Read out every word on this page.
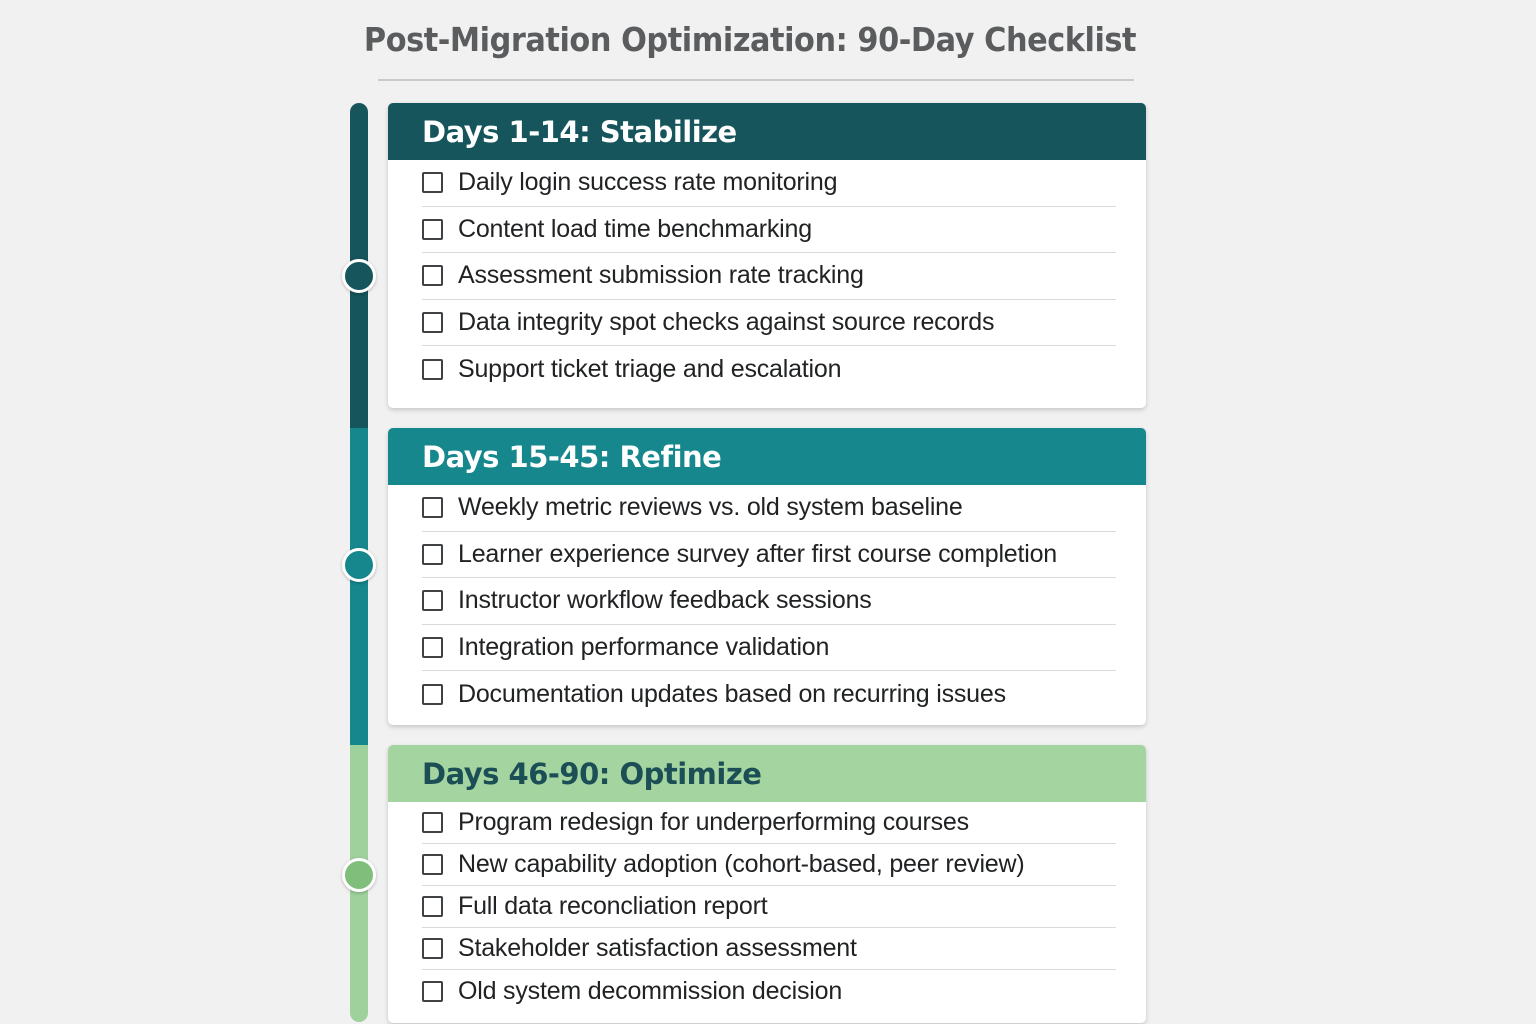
Post-Migration Optimization: 90-Day Checklist
Days 1-14: Stabilize
Daily login success rate monitoring
Content load time benchmarking
Assessment submission rate tracking
Data integrity spot checks against source records
Support ticket triage and escalation
Days 15-45: Refine
Weekly metric reviews vs. old system baseline
Learner experience survey after first course completion
Instructor workflow feedback sessions
Integration performance validation
Documentation updates based on recurring issues
Days 46-90: Optimize
Program redesign for underperforming courses
New capability adoption (cohort-based, peer review)
Full data reconcliation report
Stakeholder satisfaction assessment
Old system decommission decision
